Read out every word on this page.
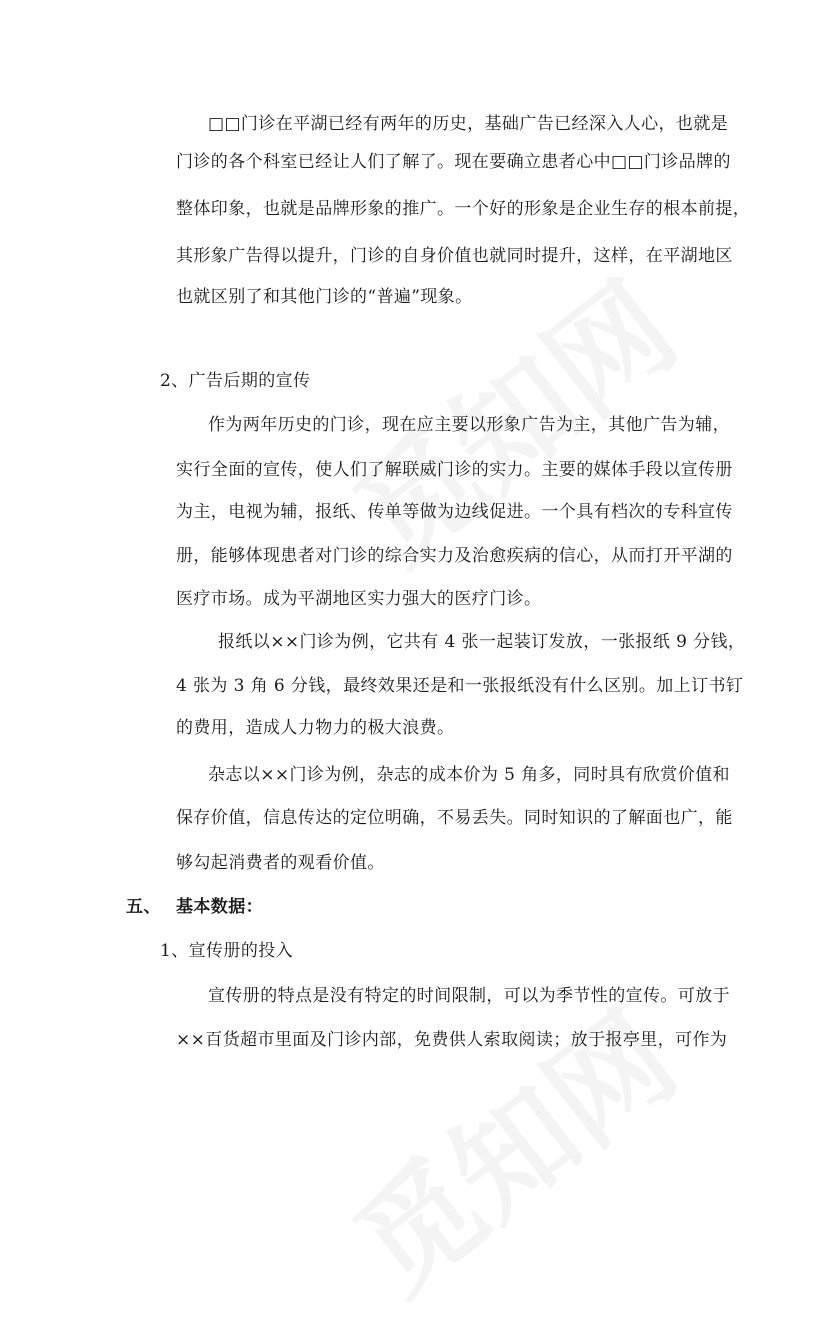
□□门诊在平湖已经有两年的历史，基础广告已经深入人心，也就是
门诊的各个科室已经让人们了解了。现在要确立患者心中□□门诊品牌的
整体印象，也就是品牌形象的推广。一个好的形象是企业生存的根本前提，
其形象广告得以提升，门诊的自身价值也就同时提升，这样，在平湖地区
也就区别了和其他门诊的“普遍”现象。
2、广告后期的宣传
作为两年历史的门诊，现在应主要以形象广告为主，其他广告为辅，
实行全面的宣传，使人们了解联威门诊的实力。主要的媒体手段以宣传册
为主，电视为辅，报纸、传单等做为边线促进。一个具有档次的专科宣传
册，能够体现患者对门诊的综合实力及治愈疾病的信心，从而打开平湖的
医疗市场。成为平湖地区实力强大的医疗门诊。
报纸以××门诊为例，它共有 4 张一起装订发放，一张报纸 9 分钱，
4 张为 3 角 6 分钱，最终效果还是和一张报纸没有什么区别。加上订书钉
的费用，造成人力物力的极大浪费。
杂志以××门诊为例，杂志的成本价为 5 角多，同时具有欣赏价值和
保存价值，信息传达的定位明确，不易丢失。同时知识的了解面也广，能
够勾起消费者的观看价值。
五、 基本数据：
1、宣传册的投入
宣传册的特点是没有特定的时间限制，可以为季节性的宣传。可放于
××百货超市里面及门诊内部，免费供人索取阅读；放于报亭里，可作为
